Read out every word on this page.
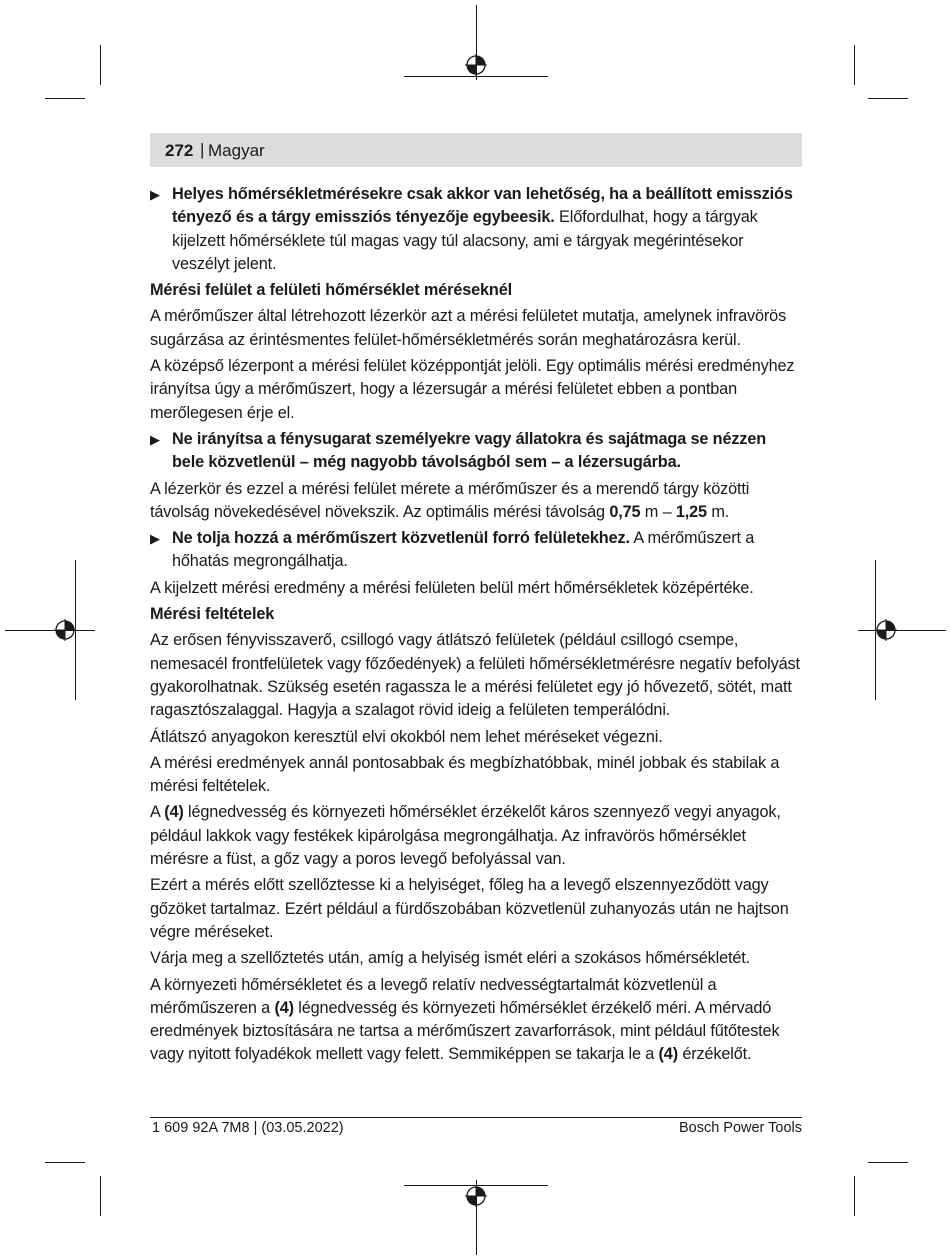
272 | Magyar
▶ Helyes hőmérsékletmérésekre csak akkor van lehetőség, ha a beállított emissziós tényező és a tárgy emissziós tényezője egybeesik. Előfordulhat, hogy a tárgyak kijelzett hőmérséklete túl magas vagy túl alacsony, ami e tárgyak megérintésekor veszélyt jelent.
Mérési felület a felületi hőmérséklet méréseknél

A mérőműszer által létrehozott lézerkör azt a mérési felületet mutatja, amelynek infravörös sugárzása az érintésmentes felület-hőmérsékletmérés során meghatározásra kerül.

A középső lézerpont a mérési felület középpontját jelöli. Egy optimális mérési eredményhez irányítsa úgy a mérőműszert, hogy a lézersugár a mérési felületet ebben a pontban merőlegesen érje el.

▶ Ne irányítsa a fénysugarat személyekre vagy állatokra és sajátmaga se nézzen bele közvetlenül – még nagyobb távolságból sem – a lézersugárba.

A lézerkör és ezzel a mérési felület mérete a mérőműszer és a merendő tárgy közötti távolság növekedésével növekszik. Az optimális mérési távolság 0,75 m – 1,25 m.

▶ Ne tolja hozzá a mérőműszert közvetlenül forró felületekhez. A mérőműszert a hőhatás megrongálhatja.

A kijelzett mérési eredmény a mérési felületen belül mért hőmérsékletek középértéke.

Mérési feltételek

Az erősen fényvisszaverő, csillogó vagy átlátszó felületek (például csillogó csempe, nemesacél frontfelületek vagy főzőedények) a felületi hőmérsékletmérésre negatív befolyást gyakorolhatnak. Szükség esetén ragassza le a mérési felületet egy jó hővezető, sötét, matt ragasztószalaggal. Hagyja a szalagot rövid ideig a felületen temperálódni.

Átlátszó anyagokon keresztül elvi okokból nem lehet méréseket végezni.

A mérési eredmények annál pontosabbak és megbízhatóbbak, minél jobbak és stabilak a mérési feltételek.

A (4) légnedvesség és környezeti hőmérséklet érzékelőt káros szennyező vegyi anyagok, például lakkok vagy festékek kipárolgása megrongálhatja. Az infravörös hőmérséklet mérésre a füst, a gőz vagy a poros levegő befolyással van.

Ezért a mérés előtt szellőztesse ki a helyiséget, főleg ha a levegő elszennyeződött vagy gőzöket tartalmaz. Ezért például a fürdőszobában közvetlenül zuhanyozás után ne hajtson végre méréseket.

Várja meg a szellőztetés után, amíg a helyiség ismét eléri a szokásos hőmérsékletét.

A környezeti hőmérsékletet és a levegő relatív nedvességtartalmát közvetlenül a mérőműszeren a (4) légnedvesség és környezeti hőmérséklet érzékelő méri. A mérvadó eredmények biztosítására ne tartsa a mérőműszert zavarforrások, mint például fűtőtestek vagy nyitott folyadékok mellett vagy felett. Semmiképpen se takarja le a (4) érzékelőt.

1 609 92A 7M8 | (03.05.2022)	Bosch Power Tools
